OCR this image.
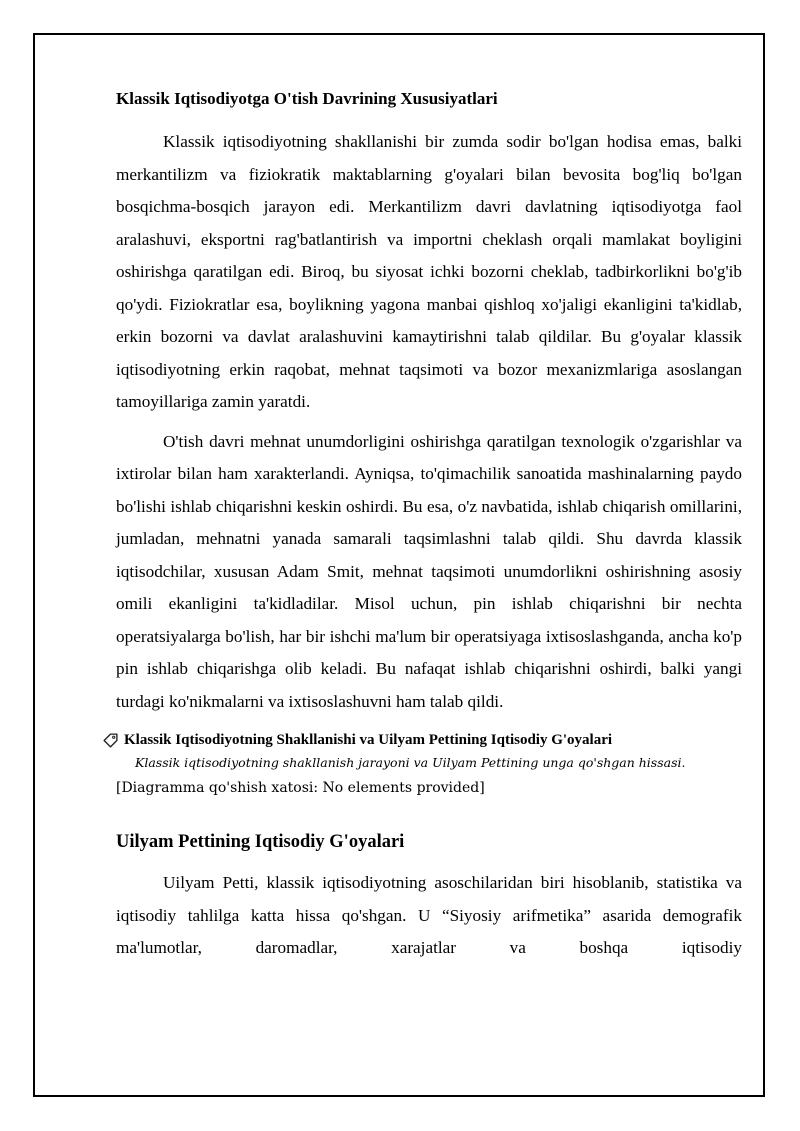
Klassik Iqtisodiyotga O'tish Davrining Xususiyatlari

Klassik iqtisodiyotning shakllanishi bir zumda sodir bo'lgan hodisa emas, balki merkantilizm va fiziokratik maktablarning g'oyalari bilan bevosita bog'liq bo'lgan bosqichma-bosqich jarayon edi. Merkantilizm davri davlatning iqtisodiyotga faol aralashuvi, eksportni rag'batlantirish va importni cheklash orqali mamlakat boyligini oshirishga qaratilgan edi. Biroq, bu siyosat ichki bozorni cheklab, tadbirkorlikni bo'g'ib qo'ydi. Fiziokratlar esa, boylikning yagona manbai qishloq xo'jaligi ekanligini ta'kidlab, erkin bozorni va davlat aralashuvini kamaytirishni talab qildilar. Bu g'oyalar klassik iqtisodiyotning erkin raqobat, mehnat taqsimoti va bozor mexanizmlariga asoslangan tamoyillariga zamin yaratdi.

O'tish davri mehnat unumdorligini oshirishga qaratilgan texnologik o'zgarishlar va ixtirolar bilan ham xarakterlandi. Ayniqsa, to'qimachilik sanoatida mashinalarning paydo bo'lishi ishlab chiqarishni keskin oshirdi. Bu esa, o'z navbatida, ishlab chiqarish omillarini, jumladan, mehnatni yanada samarali taqsimlashni talab qildi. Shu davrda klassik iqtisodchilar, xususan Adam Smit, mehnat taqsimoti unumdorlikni oshirishning asosiy omili ekanligini ta'kidladilar. Misol uchun, pin ishlab chiqarishni bir nechta operatsiyalarga bo'lish, har bir ishchi ma'lum bir operatsiyaga ixtisoslashganda, ancha ko'p pin ishlab chiqarishga olib keladi. Bu nafaqat ishlab chiqarishni oshirdi, balki yangi turdagi ko'nikmalarni va ixtisoslashuvni ham talab qildi.

Klassik Iqtisodiyotning Shakllanishi va Uilyam Pettining Iqtisodiy G'oyalari
Klassik iqtisodiyotning shakllanish jarayoni va Uilyam Pettining unga qo'shgan hissasi.
[Diagramma qo'shish xatosi: No elements provided]
Uilyam Pettining Iqtisodiy G'oyalari

Uilyam Petti, klassik iqtisodiyotning asoschilaridan biri hisoblanib, statistika va iqtisodiy tahlilga katta hissa qo'shgan. U “Siyosiy arifmetika” asarida demografik ma'lumotlar, daromadlar, xarajatlar va boshqa iqtisodiy
